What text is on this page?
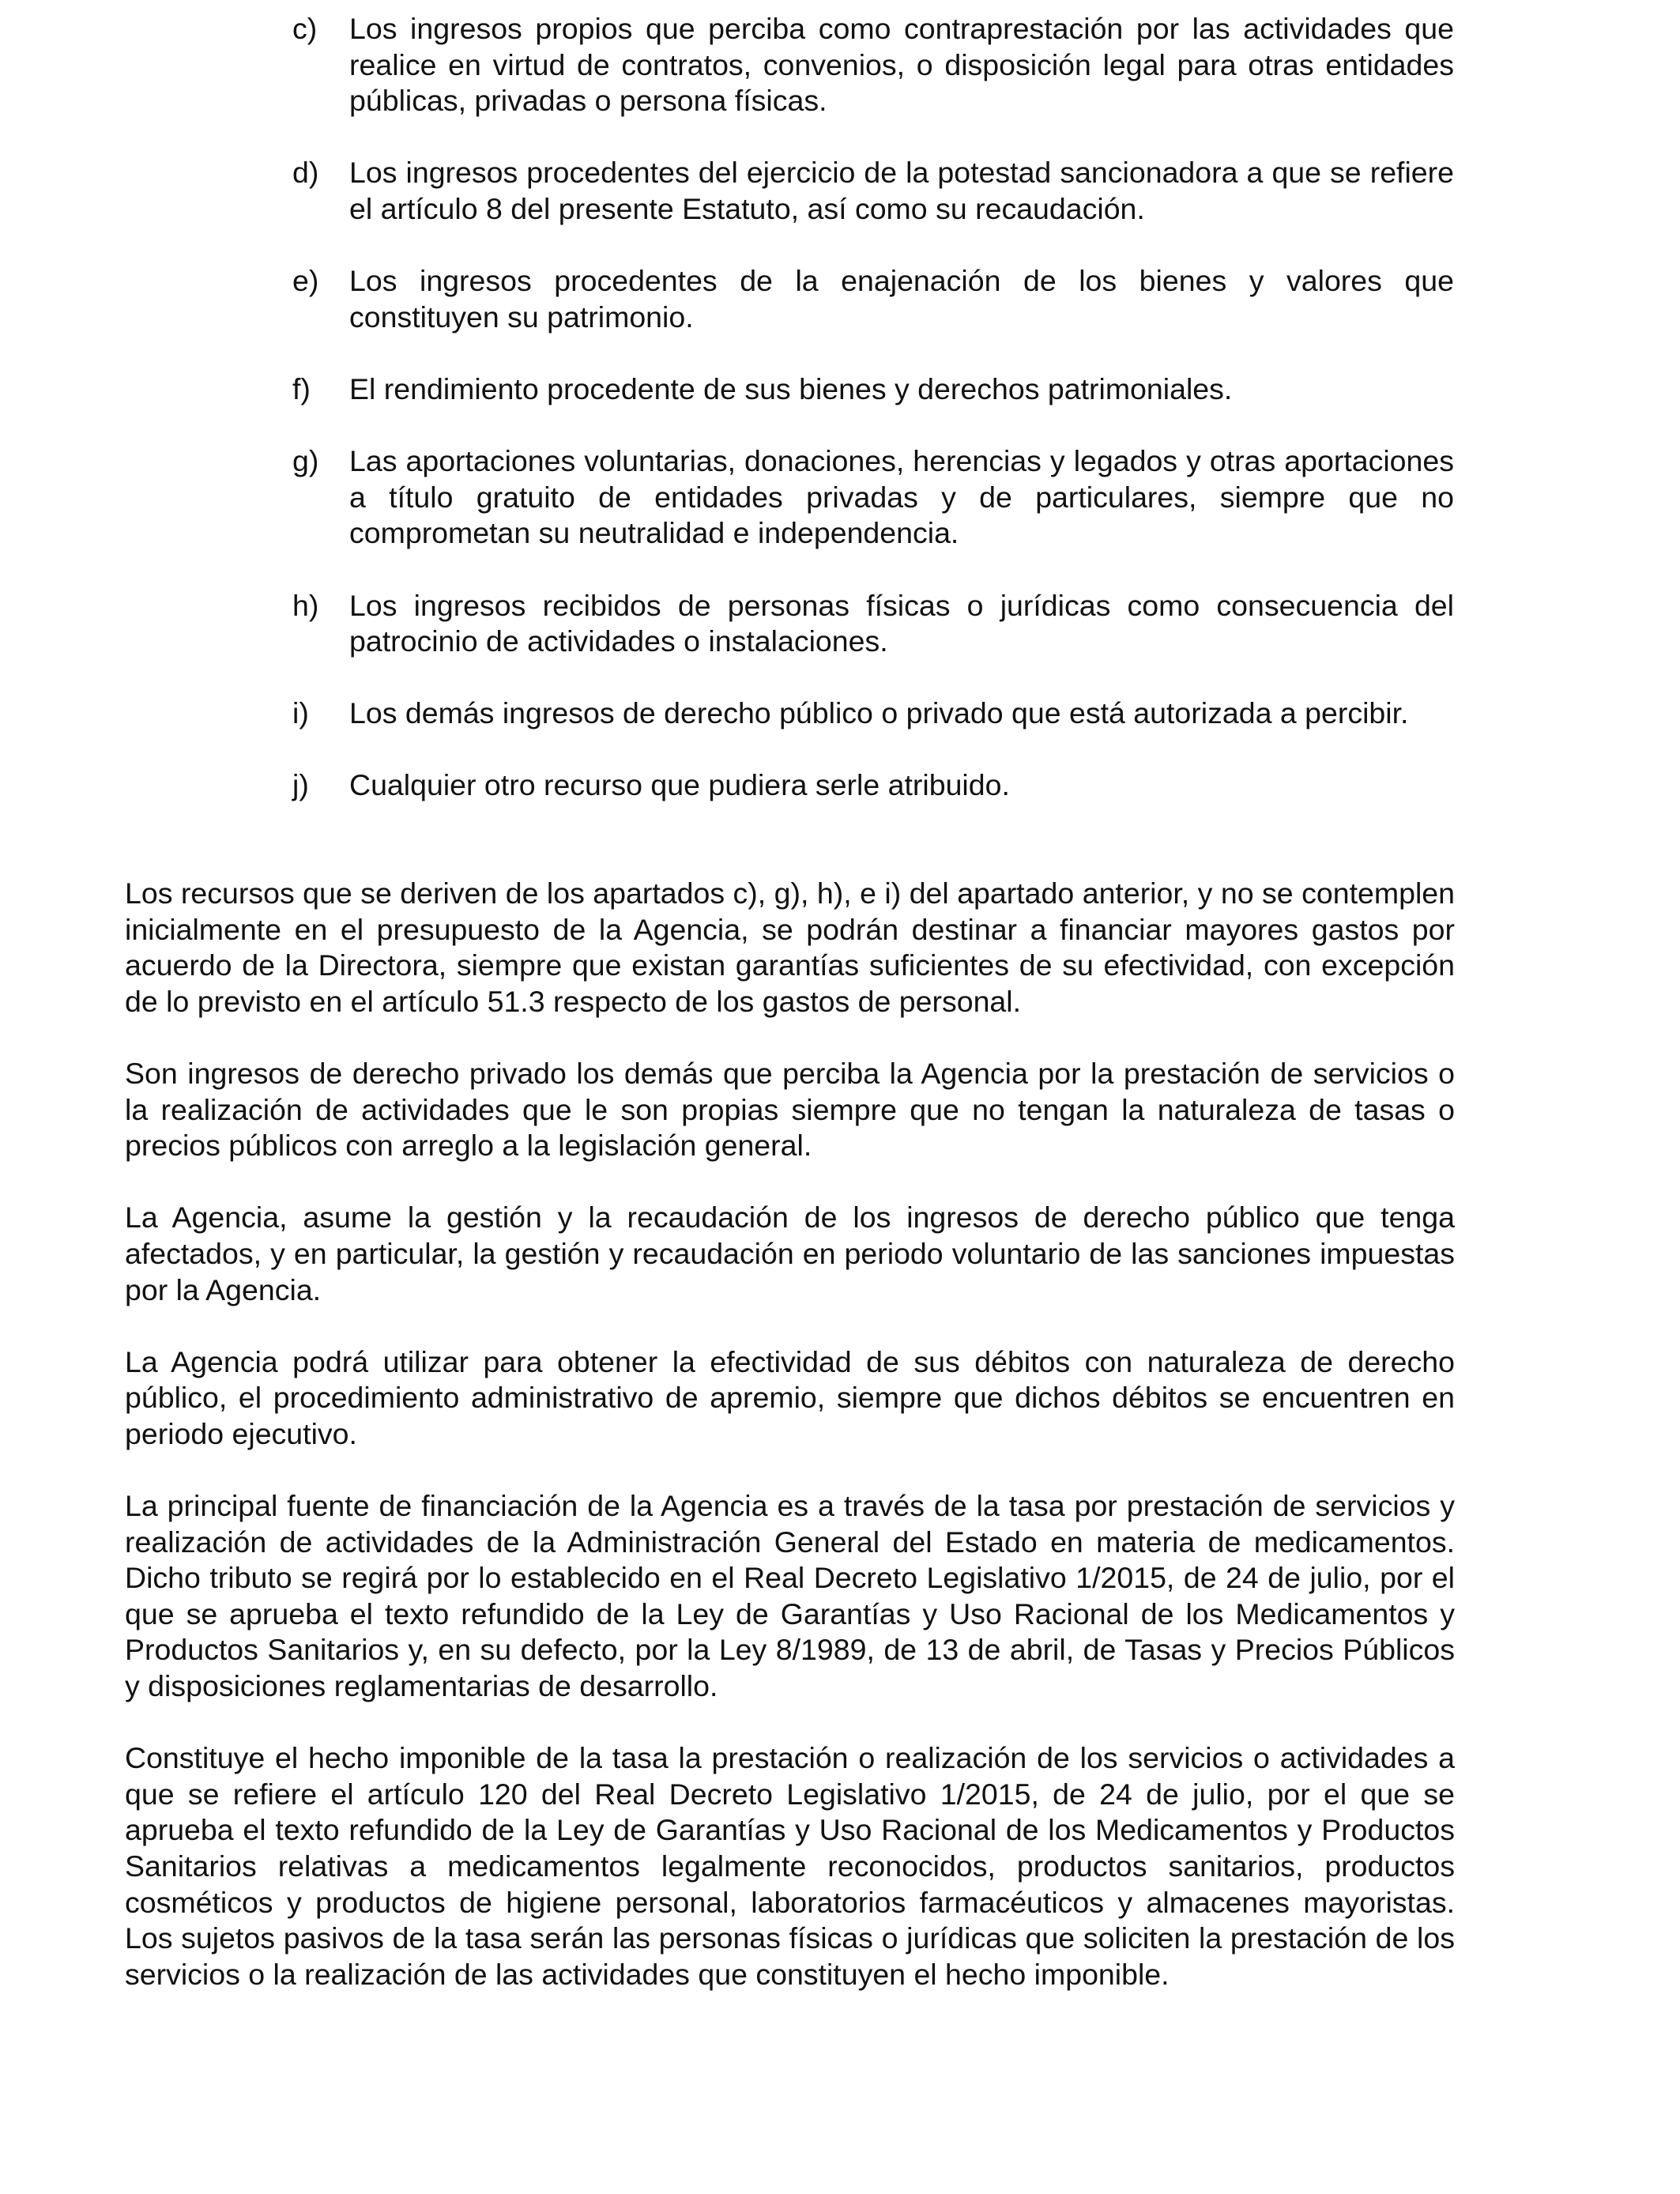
c)	Los ingresos propios que perciba como contraprestación por las actividades que realice en virtud de contratos, convenios, o disposición legal para otras entidades públicas, privadas o persona físicas.
d)	Los ingresos procedentes del ejercicio de la potestad sancionadora a que se refiere el artículo 8 del presente Estatuto, así como su recaudación.
e)	Los ingresos procedentes de la enajenación de los bienes y valores que constituyen su patrimonio.
f)	El rendimiento procedente de sus bienes y derechos patrimoniales.
g)	Las aportaciones voluntarias, donaciones, herencias y legados y otras aportaciones a título gratuito de entidades privadas y de particulares, siempre que no comprometan su neutralidad e independencia.
h)	Los ingresos recibidos de personas físicas o jurídicas como consecuencia del patrocinio de actividades o instalaciones.
i)	Los demás ingresos de derecho público o privado que está autorizada a percibir.
j)	Cualquier otro recurso que pudiera serle atribuido.

Los recursos que se deriven de los apartados c), g), h), e i) del apartado anterior, y no se contemplen inicialmente en el presupuesto de la Agencia, se podrán destinar a financiar mayores gastos por acuerdo de la Directora, siempre que existan garantías suficientes de su efectividad, con excepción de lo previsto en el artículo 51.3 respecto de los gastos de personal.

Son ingresos de derecho privado los demás que perciba la Agencia por la prestación de servicios o la realización de actividades que le son propias siempre que no tengan la naturaleza de tasas o precios públicos con arreglo a la legislación general.

La Agencia, asume la gestión y la recaudación de los ingresos de derecho público que tenga afectados, y en particular, la gestión y recaudación en periodo voluntario de las sanciones impuestas por la Agencia.

La Agencia podrá utilizar para obtener la efectividad de sus débitos con naturaleza de derecho público, el procedimiento administrativo de apremio, siempre que dichos débitos se encuentren en periodo ejecutivo.

La principal fuente de financiación de la Agencia es a través de la tasa por prestación de servicios y realización de actividades de la Administración General del Estado en materia de medicamentos. Dicho tributo se regirá por lo establecido en el Real Decreto Legislativo 1/2015, de 24 de julio, por el que se aprueba el texto refundido de la Ley de Garantías y Uso Racional de los Medicamentos y Productos Sanitarios y, en su defecto, por la Ley 8/1989, de 13 de abril, de Tasas y Precios Públicos y disposiciones reglamentarias de desarrollo.

Constituye el hecho imponible de la tasa la prestación o realización de los servicios o actividades a que se refiere el artículo 120 del Real Decreto Legislativo 1/2015, de 24 de julio, por el que se aprueba el texto refundido de la Ley de Garantías y Uso Racional de los Medicamentos y Productos Sanitarios relativas a medicamentos legalmente reconocidos, productos sanitarios, productos cosméticos y productos de higiene personal, laboratorios farmacéuticos y almacenes mayoristas. Los sujetos pasivos de la tasa serán las personas físicas o jurídicas que soliciten la prestación de los servicios o la realización de las actividades que constituyen el hecho imponible.
